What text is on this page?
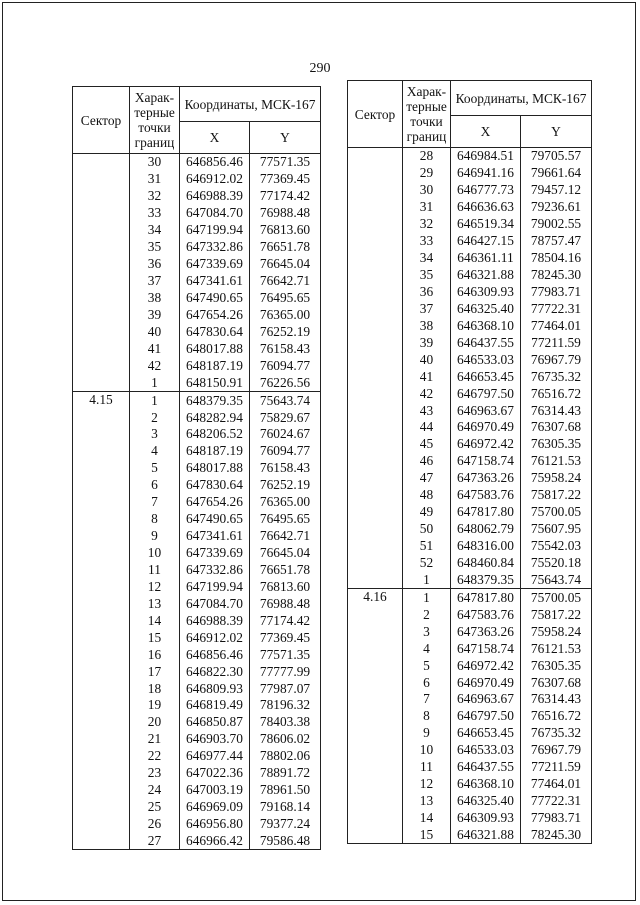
290
Сектор	Харак-терные точки границ	Координаты, МСК-167	
		X	Y
	30	646856.46	77571.35
	31	646912.02	77369.45
	32	646988.39	77174.42
	33	647084.70	76988.48
	34	647199.94	76813.60
	35	647332.86	76651.78
	36	647339.69	76645.04
	37	647341.61	76642.71
	38	647490.65	76495.65
	39	647654.26	76365.00
	40	647830.64	76252.19
	41	648017.88	76158.43
	42	648187.19	76094.77
	1	648150.91	76226.56
4.15	1	648379.35	75643.74
	2	648282.94	75829.67
	3	648206.52	76024.67
	4	648187.19	76094.77
	5	648017.88	76158.43
	6	647830.64	76252.19
	7	647654.26	76365.00
	8	647490.65	76495.65
	9	647341.61	76642.71
	10	647339.69	76645.04
	11	647332.86	76651.78
	12	647199.94	76813.60
	13	647084.70	76988.48
	14	646988.39	77174.42
	15	646912.02	77369.45
	16	646856.46	77571.35
	17	646822.30	77777.99
	18	646809.93	77987.07
	19	646819.49	78196.32
	20	646850.87	78403.38
	21	646903.70	78606.02
	22	646977.44	78802.06
	23	647022.36	78891.72
	24	647003.19	78961.50
	25	646969.09	79168.14
	26	646956.80	79377.24
	27	646966.42	79586.48
Сектор	Харак-терные точки границ	Координаты, МСК-167	
		X	Y
	28	646984.51	79705.57
	29	646941.16	79661.64
	30	646777.73	79457.12
	31	646636.63	79236.61
	32	646519.34	79002.55
	33	646427.15	78757.47
	34	646361.11	78504.16
	35	646321.88	78245.30
	36	646309.93	77983.71
	37	646325.40	77722.31
	38	646368.10	77464.01
	39	646437.55	77211.59
	40	646533.03	76967.79
	41	646653.45	76735.32
	42	646797.50	76516.72
	43	646963.67	76314.43
	44	646970.49	76307.68
	45	646972.42	76305.35
	46	647158.74	76121.53
	47	647363.26	75958.24
	48	647583.76	75817.22
	49	647817.80	75700.05
	50	648062.79	75607.95
	51	648316.00	75542.03
	52	648460.84	75520.18
	1	648379.35	75643.74
4.16	1	647817.80	75700.05
	2	647583.76	75817.22
	3	647363.26	75958.24
	4	647158.74	76121.53
	5	646972.42	76305.35
	6	646970.49	76307.68
	7	646963.67	76314.43
	8	646797.50	76516.72
	9	646653.45	76735.32
	10	646533.03	76967.79
	11	646437.55	77211.59
	12	646368.10	77464.01
	13	646325.40	77722.31
	14	646309.93	77983.71
	15	646321.88	78245.30
